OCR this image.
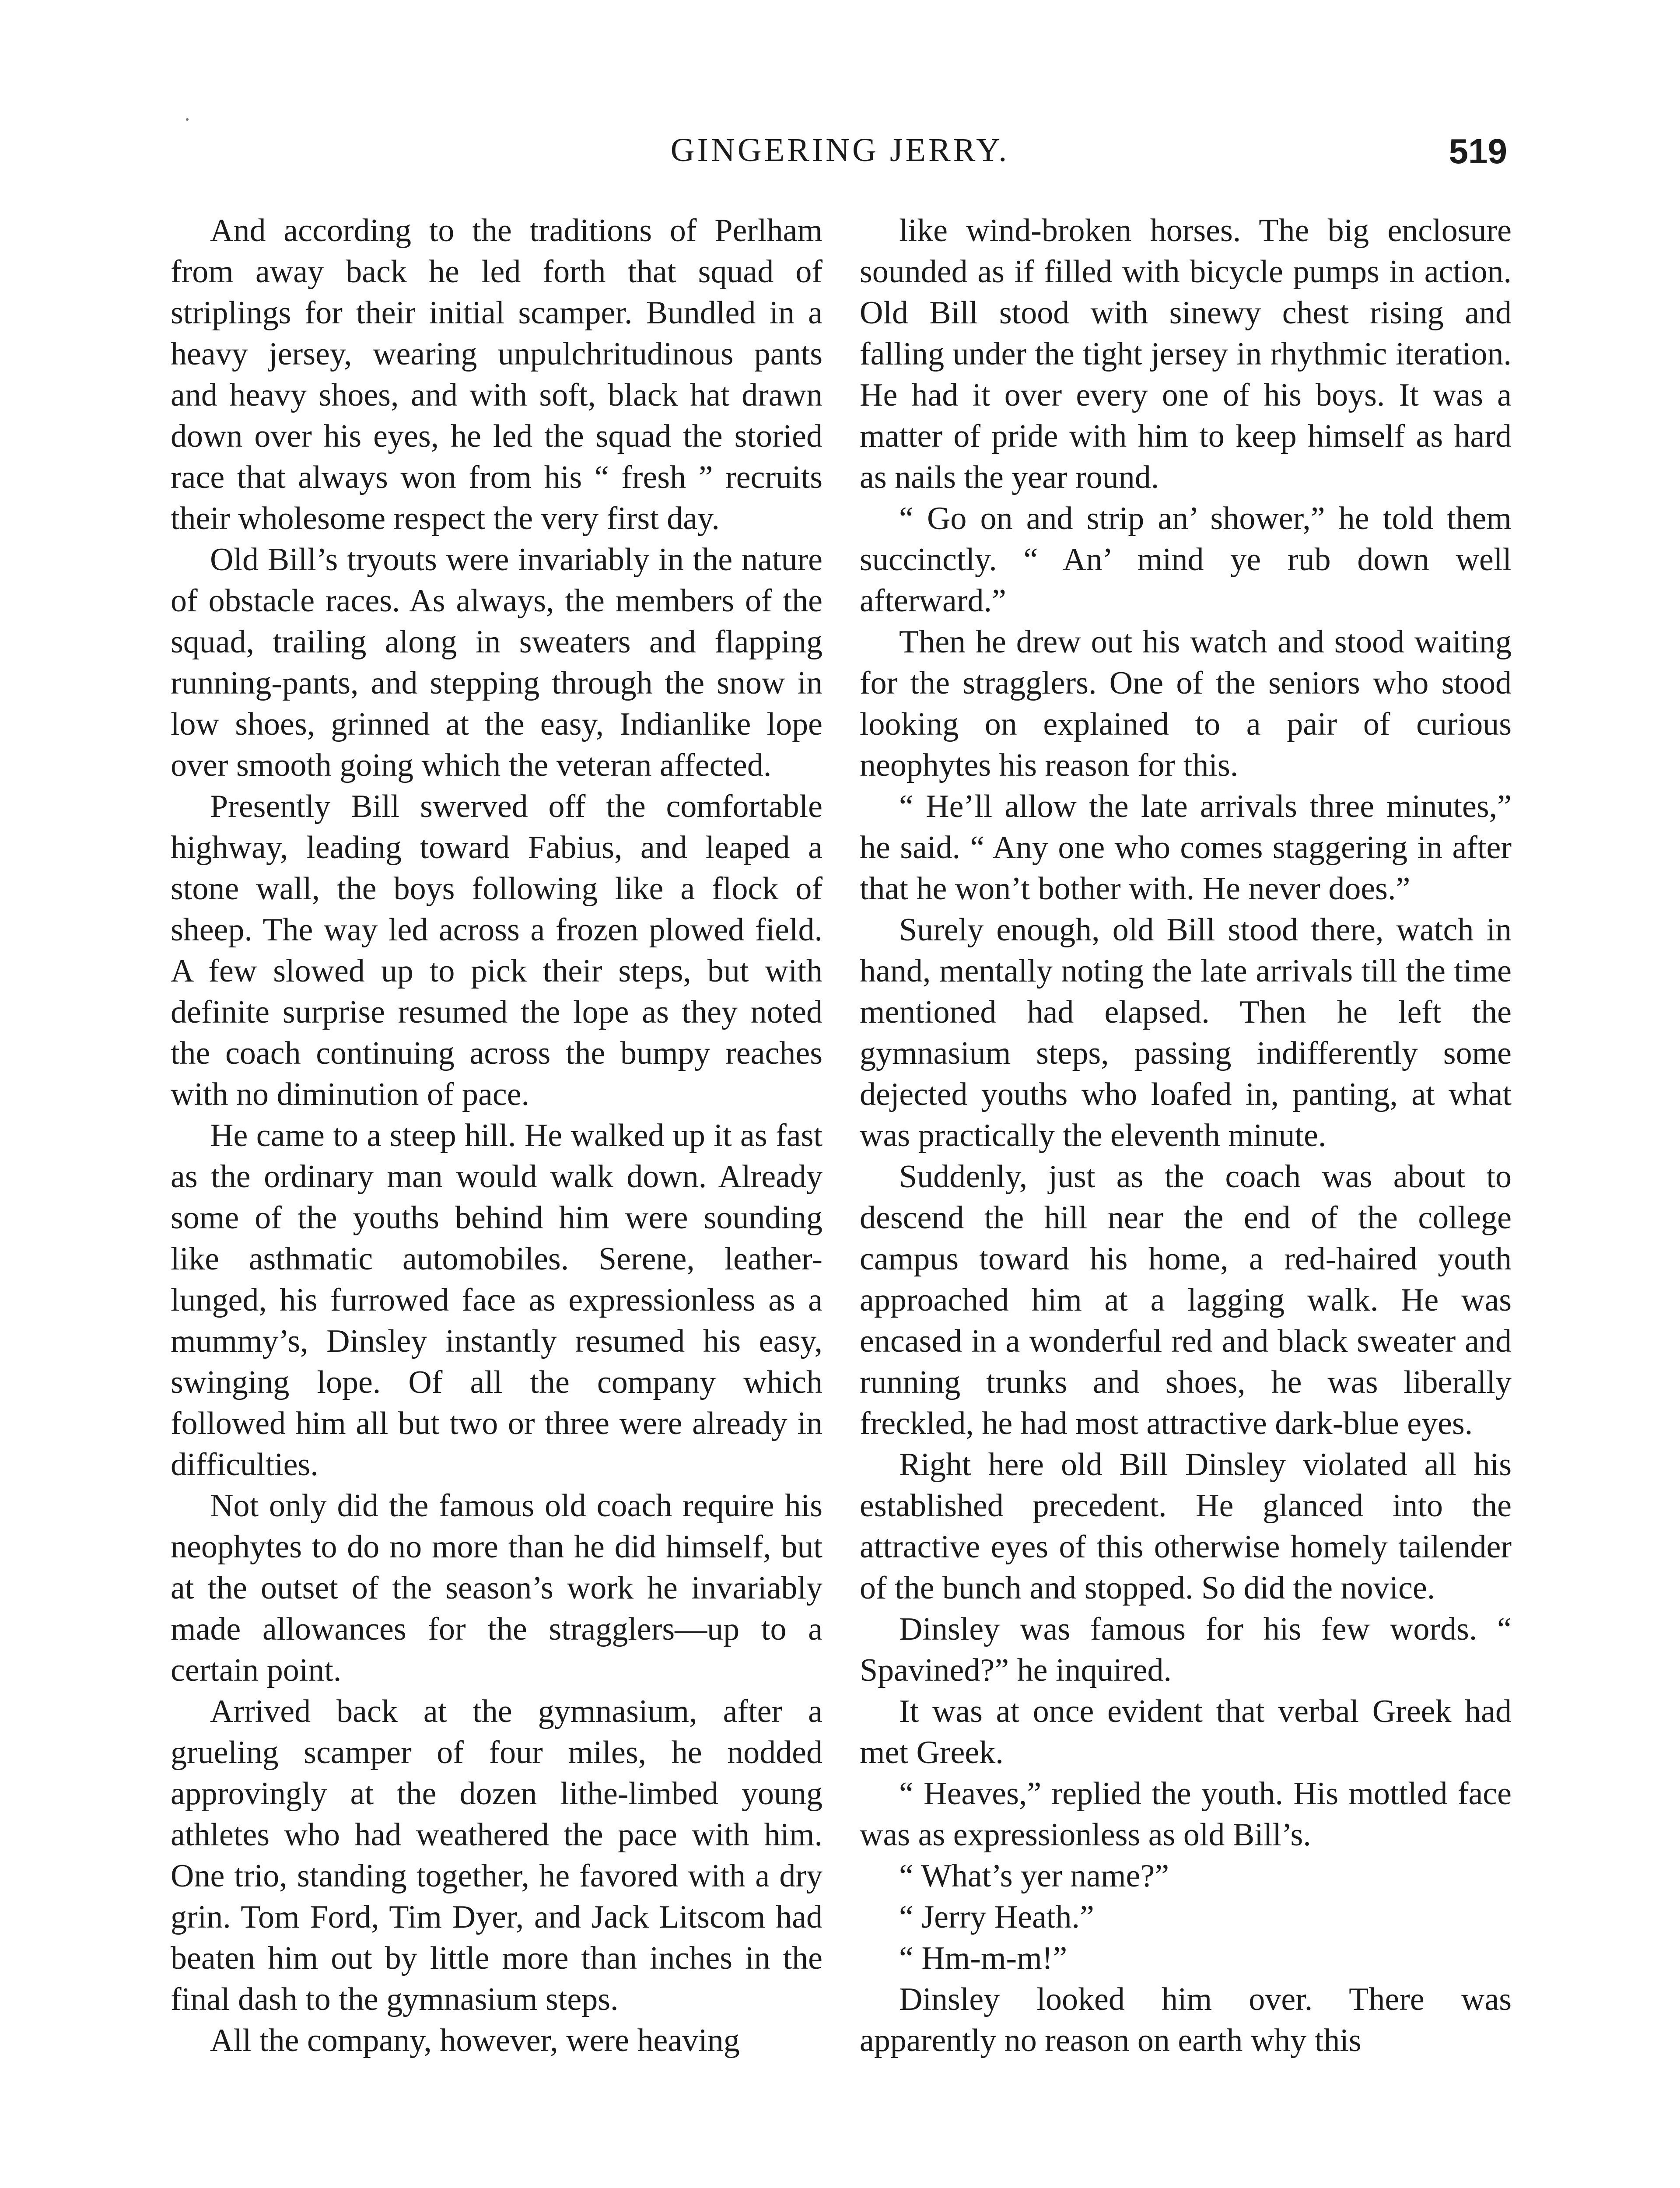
GINGERING JERRY.	519

And according to the traditions of Perlham from away back he led forth that squad of striplings for their initial scamper. Bundled in a heavy jersey, wearing unpulchritudinous pants and heavy shoes, and with soft, black hat drawn down over his eyes, he led the squad the storied race that always won from his “ fresh ” recruits their wholesome respect the very first day.

Old Bill’s tryouts were invariably in the nature of obstacle races. As always, the members of the squad, trailing along in sweaters and flapping running-pants, and stepping through the snow in low shoes, grinned at the easy, Indianlike lope over smooth going which the veteran affected.

Presently Bill swerved off the comfortable highway, leading toward Fabius, and leaped a stone wall, the boys following like a flock of sheep. The way led across a frozen plowed field. A few slowed up to pick their steps, but with definite surprise resumed the lope as they noted the coach continuing across the bumpy reaches with no diminution of pace.

He came to a steep hill. He walked up it as fast as the ordinary man would walk down. Already some of the youths behind him were sounding like asthmatic automobiles. Serene, leather-lunged, his furrowed face as expressionless as a mummy’s, Dinsley instantly resumed his easy, swinging lope. Of all the company which followed him all but two or three were already in difficulties.

Not only did the famous old coach require his neophytes to do no more than he did himself, but at the outset of the season’s work he invariably made allowances for the stragglers—up to a certain point.

Arrived back at the gymnasium, after a grueling scamper of four miles, he nodded approvingly at the dozen lithe-limbed young athletes who had weathered the pace with him. One trio, standing together, he favored with a dry grin. Tom Ford, Tim Dyer, and Jack Litscom had beaten him out by little more than inches in the final dash to the gymnasium steps.

All the company, however, were heaving

like wind-broken horses. The big enclosure sounded as if filled with bicycle pumps in action. Old Bill stood with sinewy chest rising and falling under the tight jersey in rhythmic iteration. He had it over every one of his boys. It was a matter of pride with him to keep himself as hard as nails the year round.

“ Go on and strip an’ shower,” he told them succinctly. “ An’ mind ye rub down well afterward.”

Then he drew out his watch and stood waiting for the stragglers. One of the seniors who stood looking on explained to a pair of curious neophytes his reason for this.

“ He’ll allow the late arrivals three minutes,” he said. “ Any one who comes staggering in after that he won’t bother with. He never does.”

Surely enough, old Bill stood there, watch in hand, mentally noting the late arrivals till the time mentioned had elapsed. Then he left the gymnasium steps, passing indifferently some dejected youths who loafed in, panting, at what was practically the eleventh minute.

Suddenly, just as the coach was about to descend the hill near the end of the college campus toward his home, a red-haired youth approached him at a lagging walk. He was encased in a wonderful red and black sweater and running trunks and shoes, he was liberally freckled, he had most attractive dark-blue eyes.

Right here old Bill Dinsley violated all his established precedent. He glanced into the attractive eyes of this otherwise homely tailender of the bunch and stopped. So did the novice.

Dinsley was famous for his few words. “ Spavined?” he inquired.

It was at once evident that verbal Greek had met Greek.

“ Heaves,” replied the youth. His mottled face was as expressionless as old Bill’s.

“ What’s yer name?”

“ Jerry Heath.”

“ Hm-m-m!”

Dinsley looked him over. There was apparently no reason on earth why this
